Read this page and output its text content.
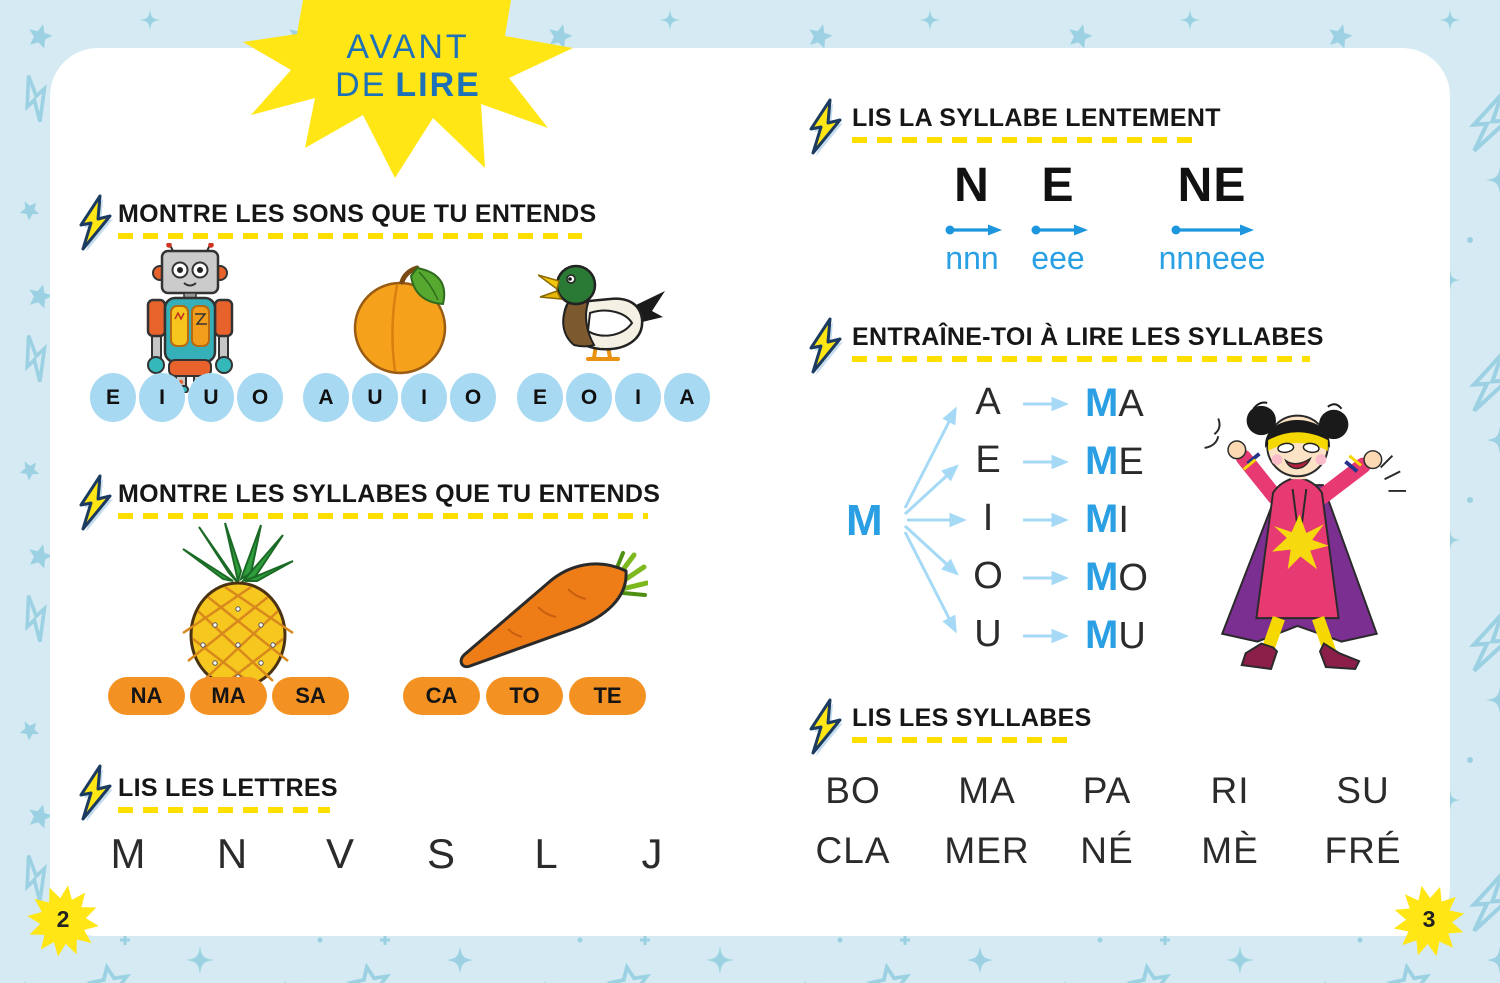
AVANT
DE LIRE
MONTRE LES SONS QUE TU ENTENDS
E	I	U	O	A	U	I	O	E	O	I	A
MONTRE LES SYLLABES QUE TU ENTENDS
NA	MA	SA	CA	TO	TE
LIS LES LETTRES
M	N	V	S	L	J
2
LIS LA SYLLABE LENTEMENT
N	E	NE
nnn	eee	nnneee
ENTRAÎNE-TOI À LIRE LES SYLLABES
M
A
E
I
O
U
M A
M E
M I
M O
M U
LIS LES SYLLABES
BO	MA	PA	RI	SU
CLA	MER	NÉ	MÈ	FRÉ
3
